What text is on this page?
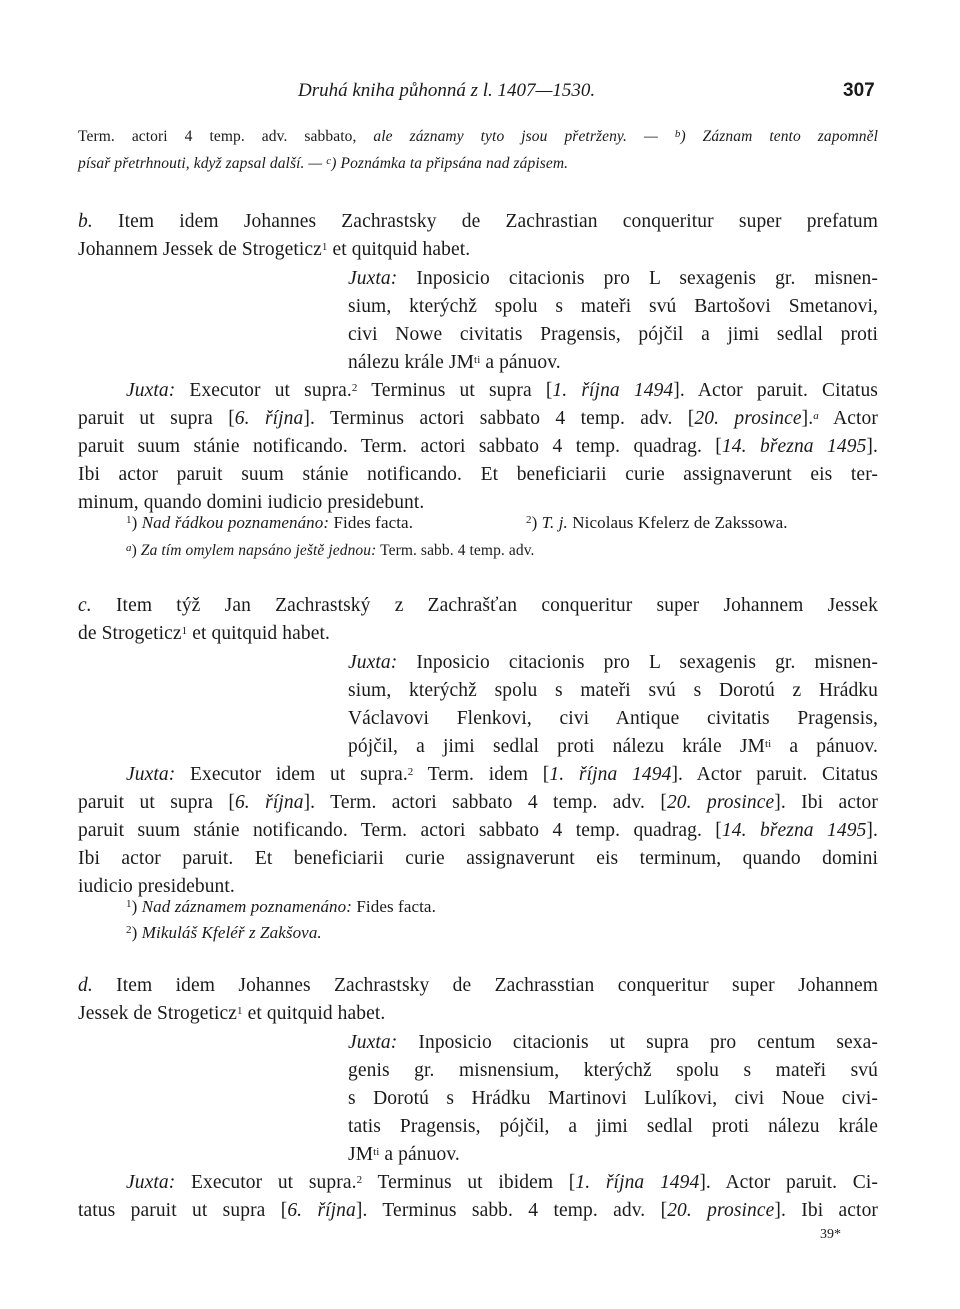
Druhá kniha půhonná z l. 1407—1530.	307
Term. actori 4 temp. adv. sabbato, ale záznamy tyto jsou přetrženy. — $^b$) Záznam tento zapomněl
písař přetrhnouti, když zapsal další. — $^c$) Poznámka ta připsána nad zápisem.
b. Item idem Johannes Zachrastsky de Zachrastian conqueritur super prefatum
Johannem Jessek de Strogeticz$^1$ et quitquid habet.
Juxta: Inposicio citacionis pro L sexagenis gr. misnen-
sium, kterýchž spolu s mateři svú Bartošovi Smetanovi,
civi Nowe civitatis Pragensis, pójčil a jimi sedlal proti
nálezu krále $JM^{ti}$ a pánuov.
Juxta: Executor ut supra.$^2$ Terminus ut supra [1. října 1494]. Actor paruit. Citatus
paruit ut supra [6. října]. Terminus actori sabbato 4 temp. adv. [20. prosince].$^a$ Actor
paruit suum stánie notificando. Term. actori sabbato 4 temp. quadrag. [14. března 1495].
Ibi actor paruit suum stánie notificando. Et beneficiarii curie assignaverunt eis ter-
minum, quando domini iudicio presidebunt.
$^1$) Nad řádkou poznamenáno: Fides facta.	$^2$) T. j. Nicolaus Kfelerz de Zakssowa.
$^a$) Za tím omylem napsáno ještě jednou: Term. sabb. 4 temp. adv.
c. Item týž Jan Zachrastský z Zachrašťan conqueritur super Johannem Jessek
de Strogeticz$^1$ et quitquid habet.
Juxta: Inposicio citacionis pro L sexagenis gr. misnen-
sium, kterýchž spolu s mateři svú s Dorotú z Hrádku
Václavovi Flenkovi, civi Antique civitatis Pragensis,
pójčil, a jimi sedlal proti nálezu krále $JM^{ti}$ a pánuov.
Juxta: Executor idem ut supra.$^2$ Term. idem [1. října 1494]. Actor paruit. Citatus
paruit ut supra [6. října]. Term. actori sabbato 4 temp. adv. [20. prosince]. Ibi actor
paruit suum stánie notificando. Term. actori sabbato 4 temp. quadrag. [14. března 1495].
Ibi actor paruit. Et beneficiarii curie assignaverunt eis terminum, quando domini
iudicio presidebunt.
$^1$) Nad záznamem poznamenáno: Fides facta.
$^2$) Mikuláš Kfeléř z Zakšova.
d. Item idem Johannes Zachrastsky de Zachrasstian conqueritur super Johannem
Jessek de Strogeticz$^1$ et quitquid habet.
Juxta: Inposicio citacionis ut supra pro centum sexa-
genis gr. misnensium, kterýchž spolu s mateři svú
s Dorotú s Hrádku Martinovi Lulíkovi, civi Noue civi-
tatis Pragensis, pójčil, a jimi sedlal proti nálezu krále
$JM^{ti}$ a pánuov.
Juxta: Executor ut supra.$^2$ Terminus ut ibidem [1. října 1494]. Actor paruit. Ci-
tatus paruit ut supra [6. října]. Terminus sabb. 4 temp. adv. [20. prosince]. Ibi actor
39*
